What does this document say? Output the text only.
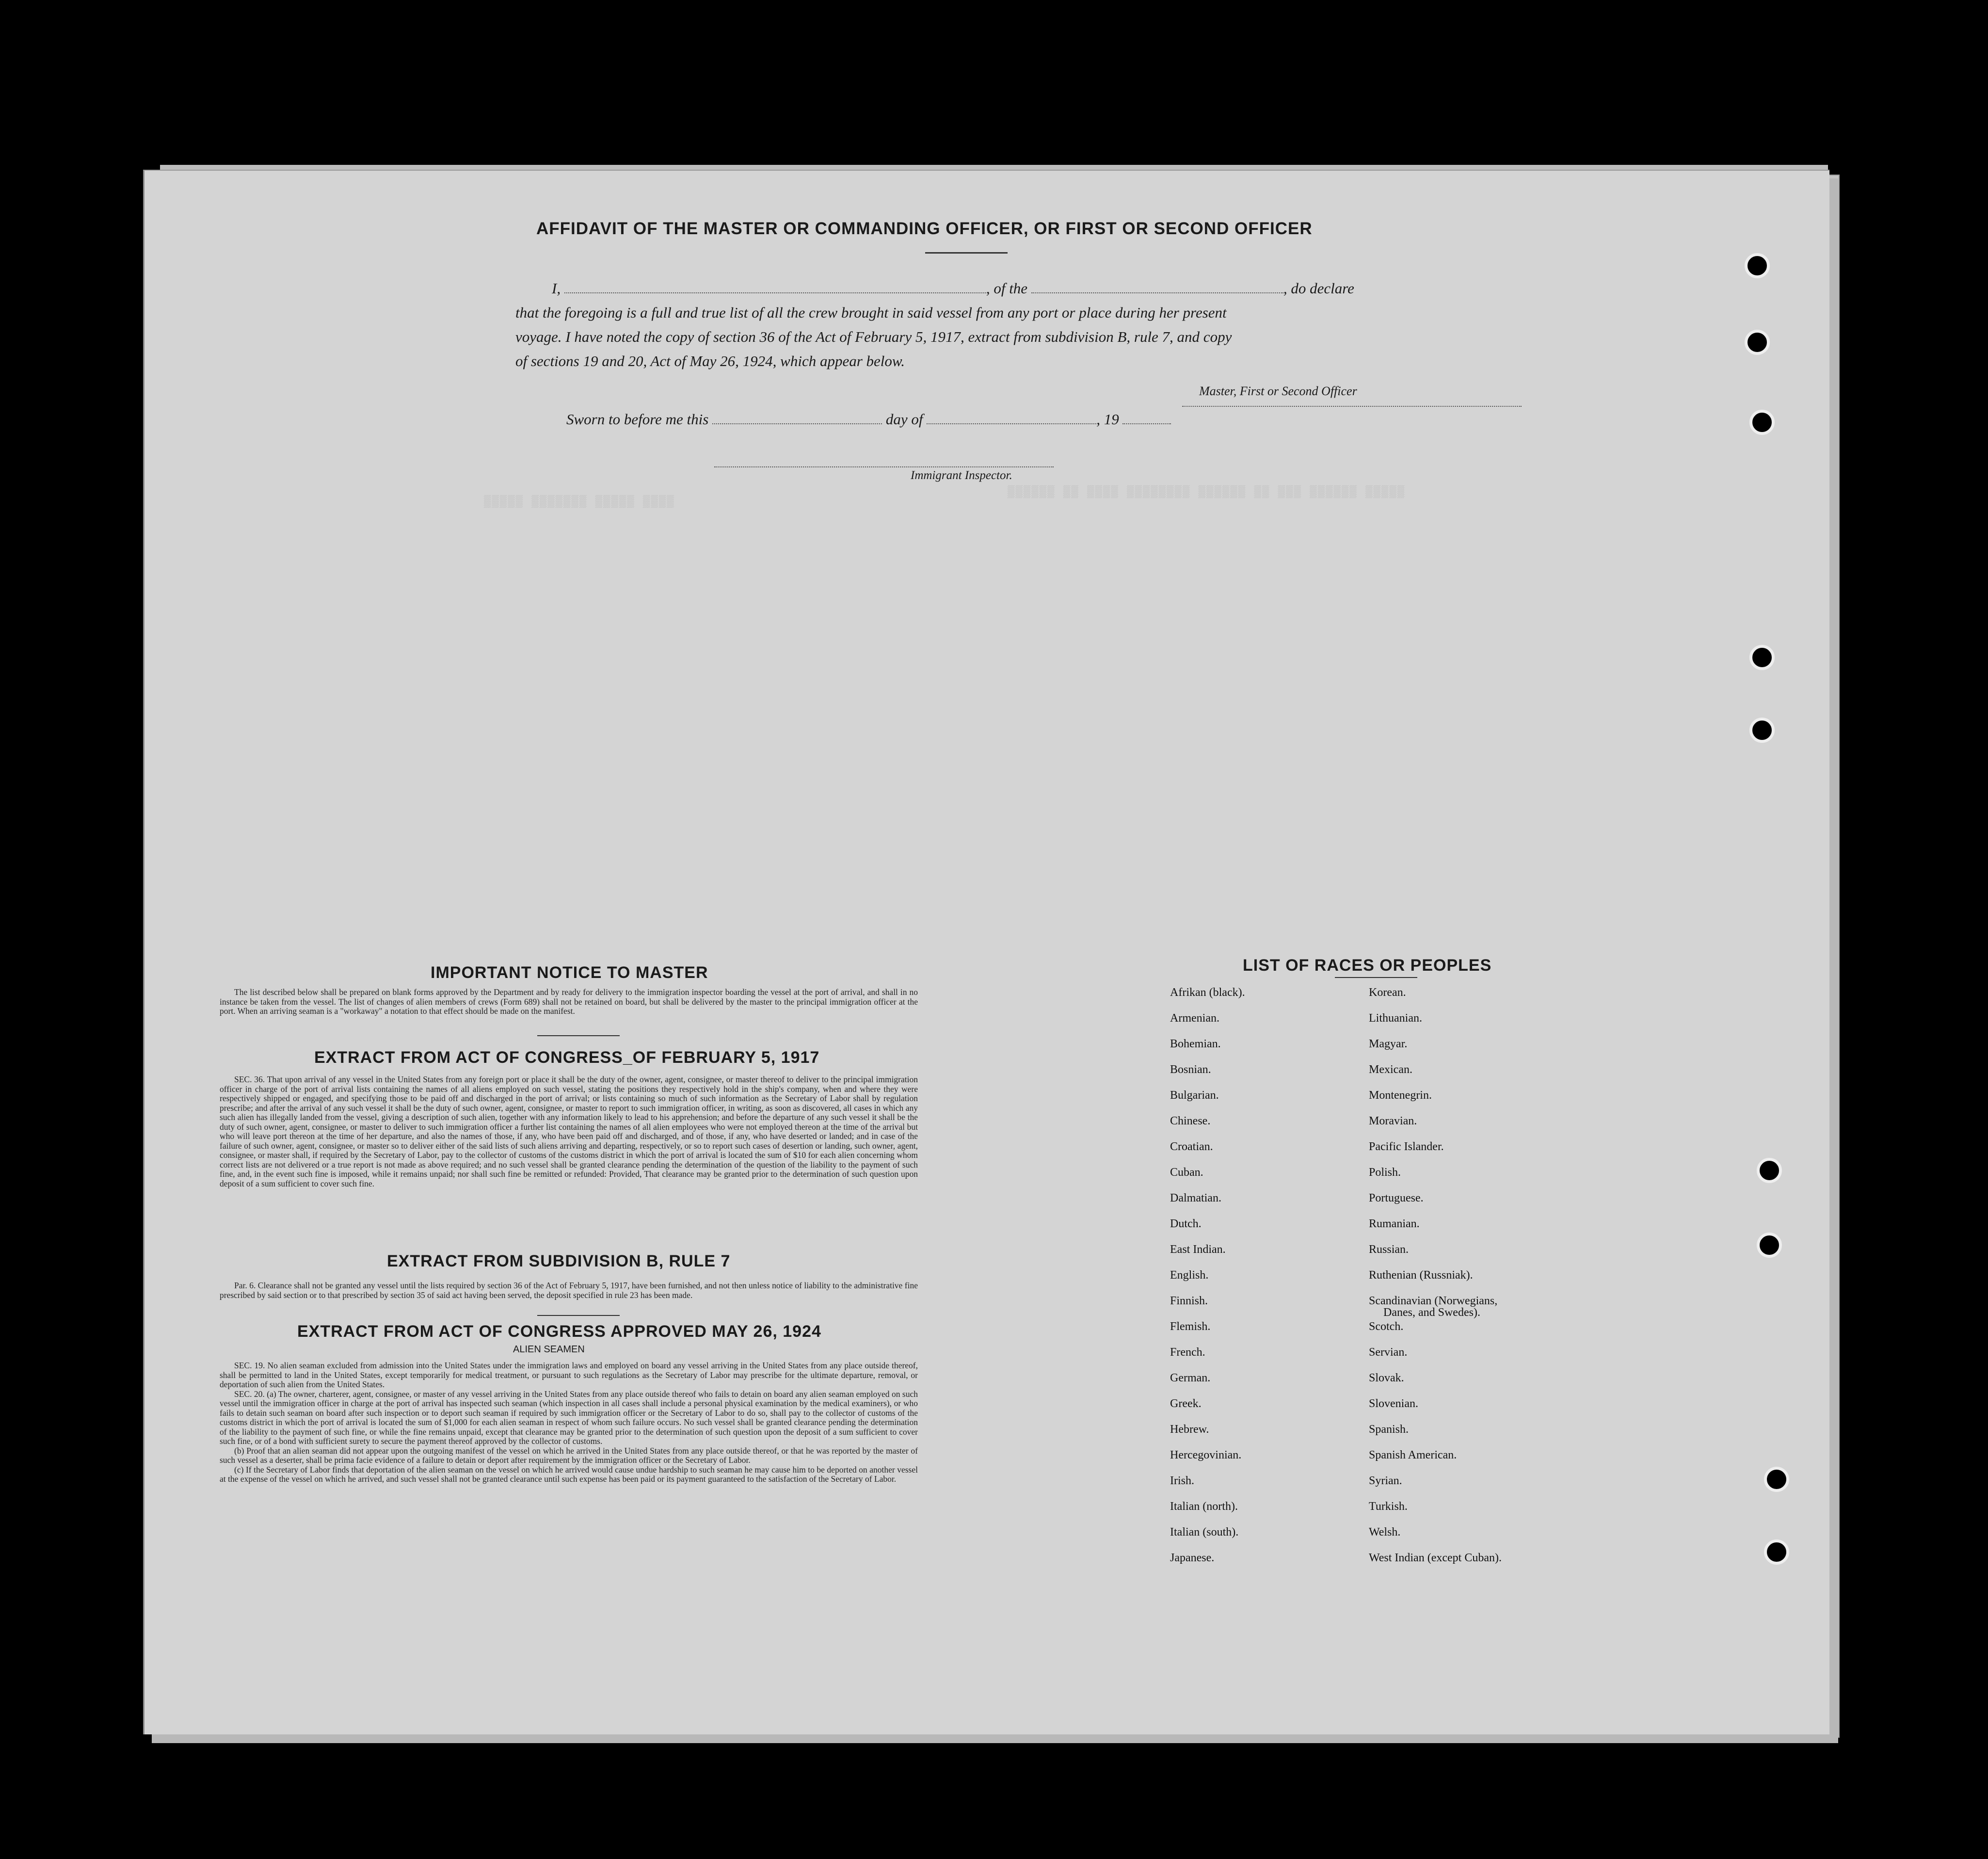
▒▒▒▒▒▒ ▒▒ ▒▒▒▒ ▒▒▒▒▒▒▒▒ ▒▒▒▒▒▒ ▒▒ ▒▒▒ ▒▒▒▒▒▒ ▒▒▒▒▒
▒▒▒▒▒ ▒▒▒▒▒▒▒ ▒▒▒▒▒ ▒▒▒▒
AFFIDAVIT OF THE MASTER OR COMMANDING OFFICER, OR FIRST OR SECOND OFFICER
I,	, of the	, do declare
that the foregoing is a full and true list of all the crew brought in said vessel from any port or place during her present
voyage. I have noted the copy of section 36 of the Act of February 5, 1917, extract from subdivision B, rule 7, and copy
of sections 19 and 20, Act of May 26, 1924, which appear below.
Master, First or Second Officer
Sworn to before me this	day of	, 19
Immigrant Inspector.
IMPORTANT NOTICE TO MASTER

The list described below shall be prepared on blank forms approved by the Department and by ready for delivery to the immigration inspector boarding the vessel at the port of arrival, and shall in no instance be taken from the vessel. The list of changes of alien members of crews (Form 689) shall not be retained on board, but shall be delivered by the master to the principal immigration officer at the port. When an arriving seaman is a "workaway" a notation to that effect should be made on the manifest.

EXTRACT FROM ACT OF CONGRESS_OF FEBRUARY 5, 1917

SEC. 36. That upon arrival of any vessel in the United States from any foreign port or place it shall be the duty of the owner, agent, consignee, or master thereof to deliver to the principal immigration officer in charge of the port of arrival lists containing the names of all aliens employed on such vessel, stating the positions they respectively hold in the ship's company, when and where they were respectively shipped or engaged, and specifying those to be paid off and discharged in the port of arrival; or lists containing so much of such information as the Secretary of Labor shall by regulation prescribe; and after the arrival of any such vessel it shall be the duty of such owner, agent, consignee, or master to report to such immigration officer, in writing, as soon as discovered, all cases in which any such alien has illegally landed from the vessel, giving a description of such alien, together with any information likely to lead to his apprehension; and before the departure of any such vessel it shall be the duty of such owner, agent, consignee, or master to deliver to such immigration officer a further list containing the names of all alien employees who were not employed thereon at the time of the arrival but who will leave port thereon at the time of her departure, and also the names of those, if any, who have been paid off and discharged, and of those, if any, who have deserted or landed; and in case of the failure of such owner, agent, consignee, or master so to deliver either of the said lists of such aliens arriving and departing, respectively, or so to report such cases of desertion or landing, such owner, agent, consignee, or master shall, if required by the Secretary of Labor, pay to the collector of customs of the customs district in which the port of arrival is located the sum of $10 for each alien concerning whom correct lists are not delivered or a true report is not made as above required; and no such vessel shall be granted clearance pending the determination of the question of the liability to the payment of such fine, and, in the event such fine is imposed, while it remains unpaid; nor shall such fine be remitted or refunded: Provided, That clearance may be granted prior to the determination of such question upon deposit of a sum sufficient to cover such fine.

EXTRACT FROM SUBDIVISION B, RULE 7

Par. 6. Clearance shall not be granted any vessel until the lists required by section 36 of the Act of February 5, 1917, have been furnished, and not then unless notice of liability to the administrative fine prescribed by said section or to that prescribed by section 35 of said act having been served, the deposit specified in rule 23 has been made.

EXTRACT FROM ACT OF CONGRESS APPROVED MAY 26, 1924
ALIEN SEAMEN

SEC. 19. No alien seaman excluded from admission into the United States under the immigration laws and employed on board any vessel arriving in the United States from any place outside thereof, shall be permitted to land in the United States, except temporarily for medical treatment, or pursuant to such regulations as the Secretary of Labor may prescribe for the ultimate departure, removal, or deportation of such alien from the United States.

SEC. 20. (a) The owner, charterer, agent, consignee, or master of any vessel arriving in the United States from any place outside thereof who fails to detain on board any alien seaman employed on such vessel until the immigration officer in charge at the port of arrival has inspected such seaman (which inspection in all cases shall include a personal physical examination by the medical examiners), or who fails to detain such seaman on board after such inspection or to deport such seaman if required by such immigration officer or the Secretary of Labor to do so, shall pay to the collector of customs of the customs district in which the port of arrival is located the sum of $1,000 for each alien seaman in respect of whom such failure occurs. No such vessel shall be granted clearance pending the determination of the liability to the payment of such fine, or while the fine remains unpaid, except that clearance may be granted prior to the determination of such question upon the deposit of a sum sufficient to cover such fine, or of a bond with sufficient surety to secure the payment thereof approved by the collector of customs.

(b) Proof that an alien seaman did not appear upon the outgoing manifest of the vessel on which he arrived in the United States from any place outside thereof, or that he was reported by the master of such vessel as a deserter, shall be prima facie evidence of a failure to detain or deport after requirement by the immigration officer or the Secretary of Labor.

(c) If the Secretary of Labor finds that deportation of the alien seaman on the vessel on which he arrived would cause undue hardship to such seaman he may cause him to be deported on another vessel at the expense of the vessel on which he arrived, and such vessel shall not be granted clearance until such expense has been paid or its payment guaranteed to the satisfaction of the Secretary of Labor.

LIST OF RACES OR PEOPLES
Afrikan (black).
Armenian.
Bohemian.
Bosnian.
Bulgarian.
Chinese.
Croatian.
Cuban.
Dalmatian.
Dutch.
East Indian.
English.
Finnish.
Flemish.
French.
German.
Greek.
Hebrew.
Hercegovinian.
Irish.
Italian (north).
Italian (south).
Japanese.
Korean.
Lithuanian.
Magyar.
Mexican.
Montenegrin.
Moravian.
Pacific Islander.
Polish.
Portuguese.
Rumanian.
Russian.
Ruthenian (Russniak).
Scandinavian (Norwegians,
Danes, and Swedes).
Scotch.
Servian.
Slovak.
Slovenian.
Spanish.
Spanish American.
Syrian.
Turkish.
Welsh.
West Indian (except Cuban).
